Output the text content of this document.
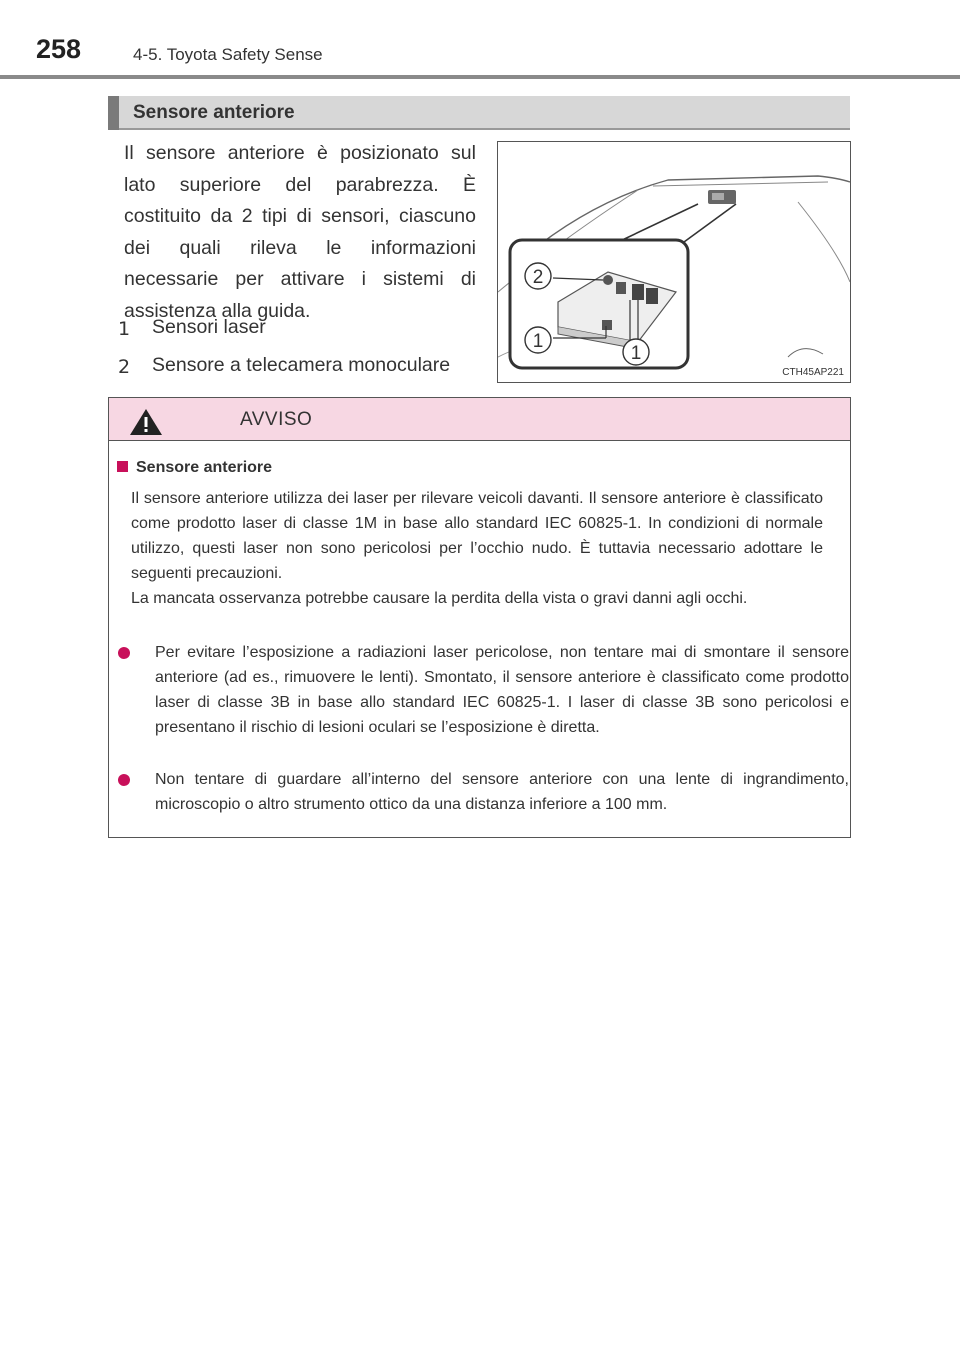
258	4-5. Toyota Safety Sense
Sensore anteriore
Il sensore anteriore è posizionato sul lato superiore del parabrezza. È costituito da 2 tipi di sensori, ciascuno dei quali rileva le informazioni necessarie per attivare i sistemi di assistenza alla guida.
1 Sensori laser
2 Sensore a telecamera monoculare
2
1
1
CTH45AP221
AVVISO
Sensore anteriore
Il sensore anteriore utilizza dei laser per rilevare veicoli davanti. Il sensore anteriore è classificato come prodotto laser di classe 1M in base allo standard IEC 60825-1. In condizioni di normale utilizzo, questi laser non sono pericolosi per l’occhio nudo. È tuttavia necessario adottare le seguenti precauzioni.
La mancata osservanza potrebbe causare la perdita della vista o gravi danni agli occhi.
Per evitare l’esposizione a radiazioni laser pericolose, non tentare mai di smontare il sensore anteriore (ad es., rimuovere le lenti). Smontato, il sensore anteriore è classificato come prodotto laser di classe 3B in base allo standard IEC 60825-1. I laser di classe 3B sono pericolosi e presentano il rischio di lesioni oculari se l’esposizione è diretta.
Non tentare di guardare all’interno del sensore anteriore con una lente di ingrandimento, microscopio o altro strumento ottico da una distanza inferiore a 100 mm.
